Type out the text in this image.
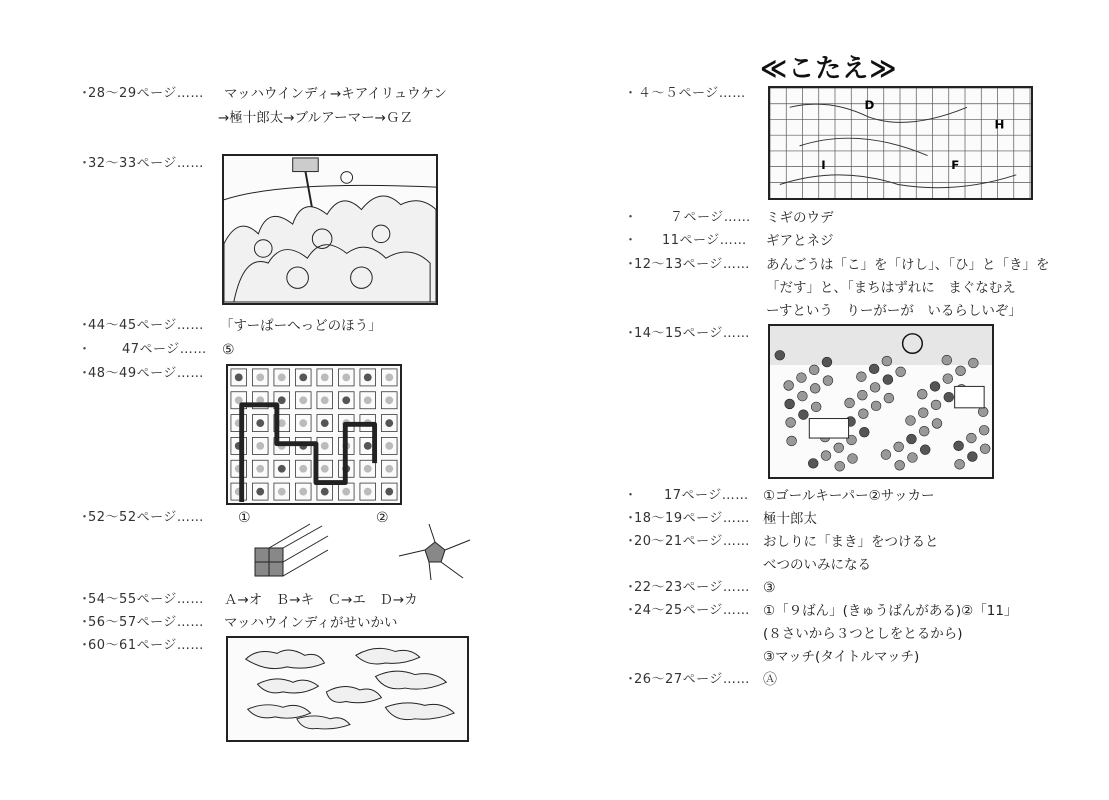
・28～29ページ…… マッハウインディ→キアイリュウケン
→極十郎太→ブルアーマー→ＧＺ
・32～33ページ……
・44～45ページ…… 「すーぱーへっどのほう」
・ 47ページ…… ⑤
・48～49ページ……
・52～52ページ…… ①	②
・54～55ページ…… Ａ→オ　Ｂ→キ　Ｃ→エ　Ｄ→カ
・56～57ページ…… マッハウインディがせいかい
・60～61ページ……
≪こたえ≫
・４～５ページ……
D
H
I	F
・	７ページ…… ミギのウデ
・ 11ページ…… ギアとネジ
・12～13ページ…… あんごうは「こ」を「けし」、「ひ」と「き」を
「だす」と、「まちはずれに　まぐなむえ
ーすという　りーがーが　いるらしいぞ」
・14～15ページ……
・ 17ページ…… ①ゴールキーパー②サッカー
・18～19ページ…… 極十郎太
・20～21ページ…… おしりに「まき」をつけると
べつのいみになる
・22～23ページ…… ③
・24～25ページ…… ①「９ばん」(きゅうばんがある)②「11」
(８さいから３つとしをとるから)
③マッチ(タイトルマッチ)
・26～27ページ…… Ⓐ
